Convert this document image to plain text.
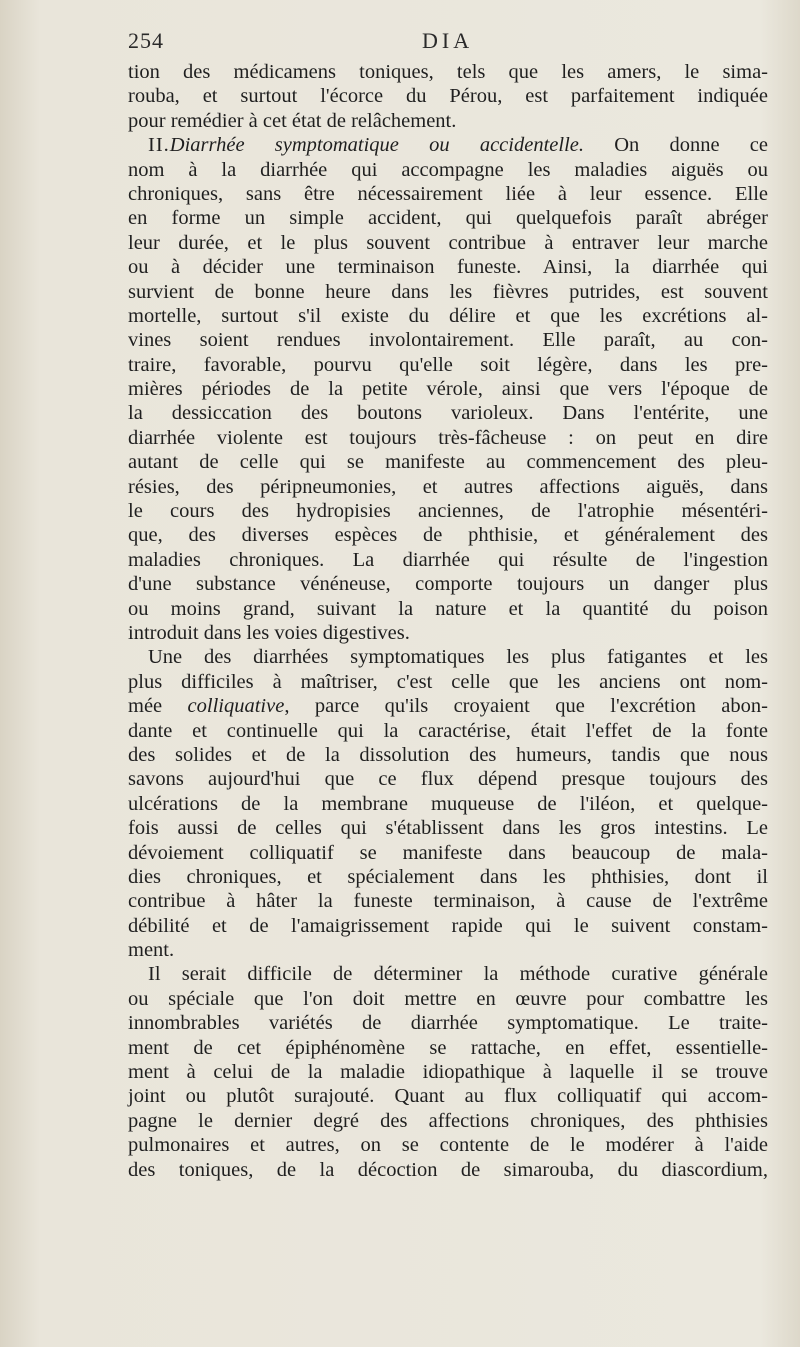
254	DIA
tion des médicamens toniques, tels que les amers, le sima-
rouba, et surtout l'écorce du Pérou, est parfaitement indiquée
pour remédier à cet état de relâchement.
II.Diarrhée symptomatique ou accidentelle. On donne ce
nom à la diarrhée qui accompagne les maladies aiguës ou
chroniques, sans être nécessairement liée à leur essence. Elle
en forme un simple accident, qui quelquefois paraît abréger
leur durée, et le plus souvent contribue à entraver leur marche
ou à décider une terminaison funeste. Ainsi, la diarrhée qui
survient de bonne heure dans les fièvres putrides, est souvent
mortelle, surtout s'il existe du délire et que les excrétions al-
vines soient rendues involontairement. Elle paraît, au con-
traire, favorable, pourvu qu'elle soit légère, dans les pre-
mières périodes de la petite vérole, ainsi que vers l'époque de
la dessiccation des boutons varioleux. Dans l'entérite, une
diarrhée violente est toujours très-fâcheuse : on peut en dire
autant de celle qui se manifeste au commencement des pleu-
résies, des péripneumonies, et autres affections aiguës, dans
le cours des hydropisies anciennes, de l'atrophie mésentéri-
que, des diverses espèces de phthisie, et généralement des
maladies chroniques. La diarrhée qui résulte de l'ingestion
d'une substance vénéneuse, comporte toujours un danger plus
ou moins grand, suivant la nature et la quantité du poison
introduit dans les voies digestives.
Une des diarrhées symptomatiques les plus fatigantes et les
plus difficiles à maîtriser, c'est celle que les anciens ont nom-
mée colliquative, parce qu'ils croyaient que l'excrétion abon-
dante et continuelle qui la caractérise, était l'effet de la fonte
des solides et de la dissolution des humeurs, tandis que nous
savons aujourd'hui que ce flux dépend presque toujours des
ulcérations de la membrane muqueuse de l'iléon, et quelque-
fois aussi de celles qui s'établissent dans les gros intestins. Le
dévoiement colliquatif se manifeste dans beaucoup de mala-
dies chroniques, et spécialement dans les phthisies, dont il
contribue à hâter la funeste terminaison, à cause de l'extrême
débilité et de l'amaigrissement rapide qui le suivent constam-
ment.
Il serait difficile de déterminer la méthode curative générale
ou spéciale que l'on doit mettre en œuvre pour combattre les
innombrables variétés de diarrhée symptomatique. Le traite-
ment de cet épiphénomène se rattache, en effet, essentielle-
ment à celui de la maladie idiopathique à laquelle il se trouve
joint ou plutôt surajouté. Quant au flux colliquatif qui accom-
pagne le dernier degré des affections chroniques, des phthisies
pulmonaires et autres, on se contente de le modérer à l'aide
des toniques, de la décoction de simarouba, du diascordium,
